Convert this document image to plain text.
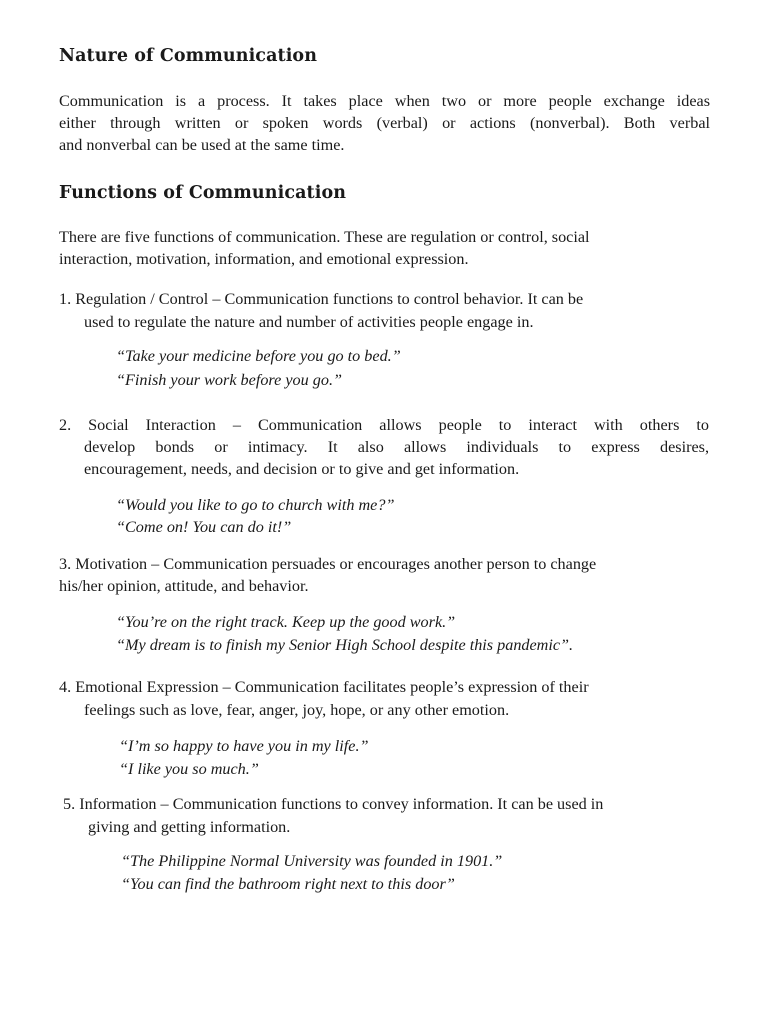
Nature of Communication

Communication is a process. It takes place when two or more people exchange ideas

either through written or spoken words (verbal) or actions (nonverbal). Both verbal

and nonverbal can be used at the same time.

Functions of Communication

There are five functions of communication. These are regulation or control, social

interaction, motivation, information, and emotional expression.

1. Regulation / Control – Communication functions to control behavior. It can be

used to regulate the nature and number of activities people engage in.

“Take your medicine before you go to bed.”

“Finish your work before you go.”

2. Social Interaction – Communication allows people to interact with others to

develop bonds or intimacy. It also allows individuals to express desires,

encouragement, needs, and decision or to give and get information.

“Would you like to go to church with me?”

“Come on! You can do it!”

3. Motivation – Communication persuades or encourages another person to change

his/her opinion, attitude, and behavior.

“You’re on the right track. Keep up the good work.”

“My dream is to finish my Senior High School despite this pandemic”.

4. Emotional Expression – Communication facilitates people’s expression of their

feelings such as love, fear, anger, joy, hope, or any other emotion.

“I’m so happy to have you in my life.”

“I like you so much.”

5. Information – Communication functions to convey information. It can be used in

giving and getting information.

“The Philippine Normal University was founded in 1901.”

“You can find the bathroom right next to this door”
